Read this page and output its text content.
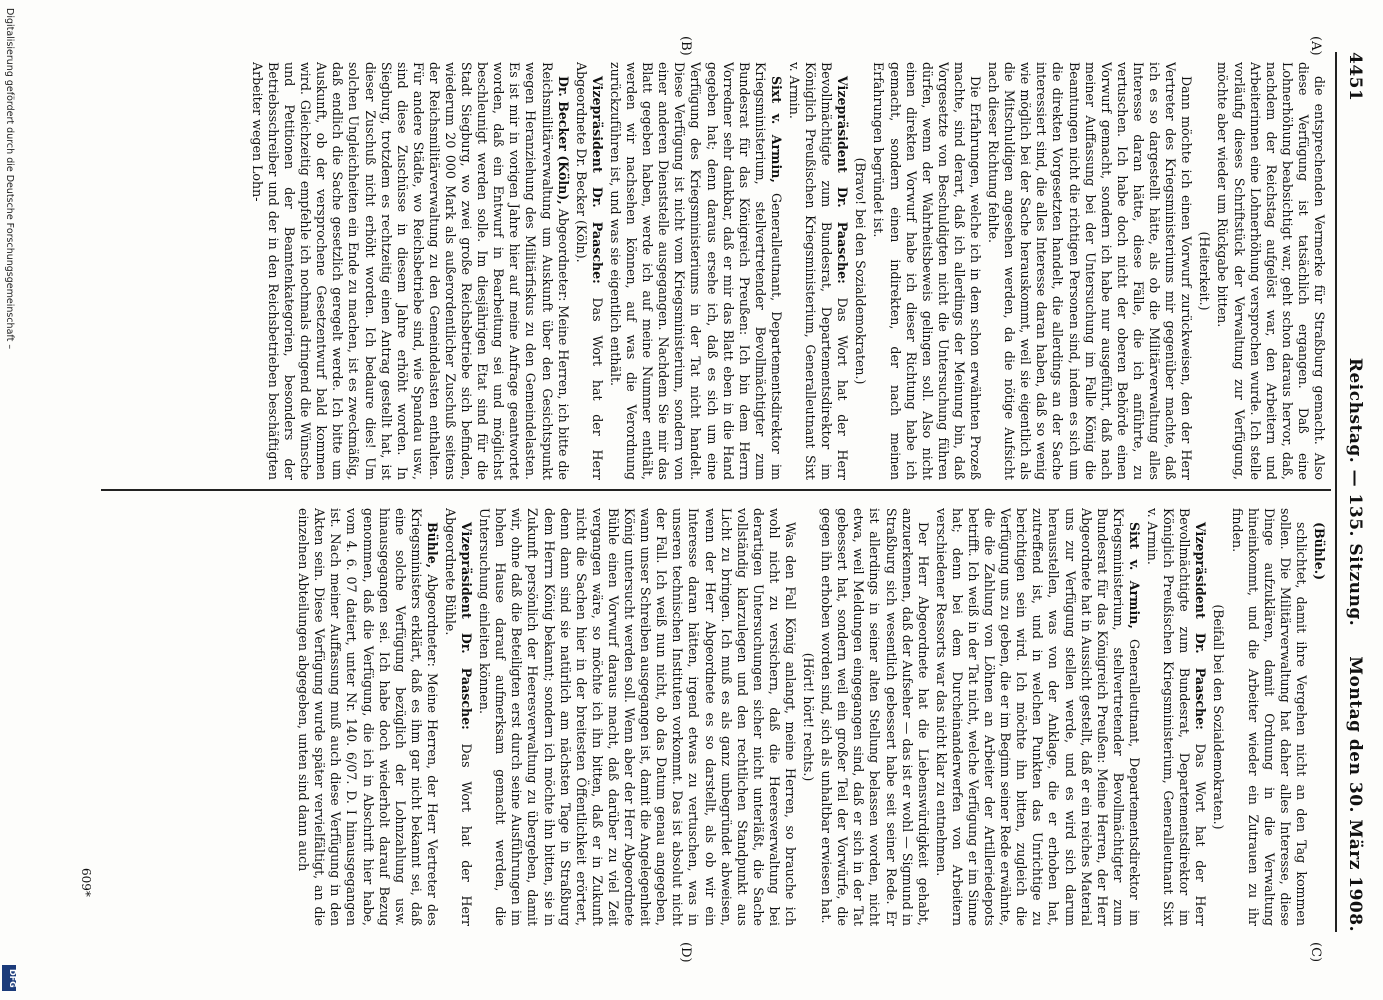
4451
Reichstag. — 135. Sitzung.
Montag den 30. März 1908.
(C)
(D)
(A)
(B)

die entsprechenden Vermerke für Straßburg gemacht. Also diese Verfügung ist tatsächlich ergangen. Daß eine Lohnerhöhung beabsichtigt war, geht schon daraus hervor, daß, nachdem der Reichstag aufgelöst war, den Arbeitern und Arbeiterinnen eine Lohnerhöhung versprochen wurde. Ich stelle vorläufig dieses Schriftstück der Verwaltung zur Verfügung, möchte aber wieder um Rückgabe bitten.

(Heiterkeit.)

Dann möchte ich einen Vorwurf zurückweisen, den der Herr Vertreter des Kriegsministeriums mir gegenüber machte, daß ich es so dargestellt hätte, als ob die Militärverwaltung alles Interesse daran hätte, diese Fälle, die ich anführte, zu vertuschen. Ich habe doch nicht der oberen Behörde einen Vorwurf gemacht, sondern ich habe nur ausgeführt, daß nach meiner Auffassung bei der Untersuchung im Falle König die Beamtungen nicht die richtigen Personen sind, indem es sich um die direkten Vorgesetzten handelt, die allerdings an der Sache interessiert sind, die alles Interesse daran haben, daß so wenig wie möglich bei der Sache herauskommt, weil sie eigentlich als die Mitschuldigen angesehen werden, da die nötige Aufsicht nach dieser Richtung fehlte.

Die Erfahrungen, welche ich in dem schon erwähnten Prozeß machte, sind derart, daß ich allerdings der Meinung bin, daß Vorgesetzte von Beschuldigten nicht die Untersuchung führen dürfen, wenn der Wahrheitsbeweis gelingen soll. Also nicht einen direkten Vorwurf habe ich dieser Richtung habe ich gemacht, sondern einen indirekten, der nach meinen Erfahrungen begründet ist.

(Bravo! bei den Sozialdemokraten.)

Vizepräsident Dr. Paasche: Das Wort hat der Herr Bevollmächtigte zum Bundesrat, Departementsdirektor im Königlich Preußischen Kriegsministerium, Generalleutnant Sixt v. Armin.

Sixt v. Armin, Generalleutnant, Departementsdirektor im Kriegsministerium, stellvertretender Bevollmächtigter zum Bundesrat für das Königreich Preußen: Ich bin dem Herrn Vorredner sehr dankbar, daß er mir das Blatt eben in die Hand gegeben hat; denn daraus ersehe ich, daß es sich um eine Verfügung des Kriegsministeriums in der Tat nicht handelt. Diese Verfügung ist nicht vom Kriegsministerium, sondern von einer anderen Dienststelle ausgegangen. Nachdem Sie mir das Blatt gegeben haben, werde ich auf meine Nummer enthält, werden wir nachsehen können, auf was die Verordnung zurückzuführen ist, und was sie eigentlich enthält.

Vizepräsident Dr. Paasche: Das Wort hat der Herr Abgeordnete Dr. Becker (Köln).

Dr. Becker (Köln), Abgeordneter: Meine Herren, ich bitte die Reichsmilitärverwaltung um Auskunft über den Gesichtspunkt wegen Heranziehung des Militärfiskus zu den Gemeindelasten. Es ist mir in vorigen Jahre hier auf meine Anfrage geantwortet worden, daß ein Entwurf in Bearbeitung sei und möglichst beschleunigt werden solle. Im diesjährigen Etat sind für die Stadt Siegburg, wo zwei große Reichsbetriebe sich befinden, wiederum 20 000 Mark als außerordentlicher Zuschuß seitens der Reichsmilitärverwaltung zu den Gemeindelasten enthalten. Für andere Städte, wo Reichsbetriebe sind, wie Spandau usw., sind diese Zuschüsse in diesem Jahre erhöht worden. In Siegburg, trotzdem es rechtzeitig einen Antrag gestellt hat, ist dieser Zuschuß nicht erhöht worden. Ich bedaure dies! Um solchen Ungleichheiten ein Ende zu machen, ist es zweckmäßig, daß endlich die Sache gesetzlich geregelt werde. Ich bitte um Auskunft, ob der versprochene Gesetzentwurf bald kommen wird. Gleichzeitig empfehle ich nochmals dringend die Wünsche und Petitionen der Beamtenkategorien, besonders der Betriebsschreiber und der in den Reichsbetrieben beschäftigten Arbeiter wegen Lohn-

(Bühle.)

schlichtet, damit ihre Vergehen nicht an den Tag kommen sollen. Die Militärverwaltung hat daher alles Interesse, diese Dinge aufzuklären, damit Ordnung in die Verwaltung hineinkommt, und die Arbeiter wieder ein Zutrauen zu ihr finden.

(Beifall bei den Sozialdemokraten.)

Vizepräsident Dr. Paasche: Das Wort hat der Herr Bevollmächtigte zum Bundesrat, Departementsdirektor im Königlich Preußischen Kriegsministerium, Generalleutnant Sixt v. Armin.

Sixt v. Armin, Generalleutnant, Departementsdirektor im Kriegsministerium, stellvertretender Bevollmächtigter zum Bundesrat für das Königreich Preußen: Meine Herren, der Herr Abgeordnete hat in Aussicht gestellt, daß er ein reiches Material uns zur Verfügung stellen werde, und es wird sich darum herausstellen, was von der Anklage, die er erhoben hat, zutreffend ist, und in welchen Punkten das Unrichtige zu berichtigen sein wird. Ich möchte ihn bitten, zugleich die Verfügung uns zu geben, die er im Beginn seiner Rede erwähnte, die die Zahlung von Löhnen an Arbeiter der Artilleriedepots betrifft. Ich weiß in der Tat nicht, welche Verfügung er im Sinne hat; denn bei dem Durcheinanderwerfen von Arbeitern verschiedener Ressorts war das nicht klar zu entnehmen.

Der Herr Abgeordnete hat die Liebenswürdigkeit gehabt, anzuerkennen, daß der Aufseher — das ist er wohl — Sigmund in Straßburg sich wesentlich gebessert habe seit seiner Rede. Er ist allerdings in seiner alten Stellung belassen worden, nicht etwa, weil Meldungen eingegangen sind, daß er sich in der Tat gebessert hat, sondern weil ein großer Teil der Vorwürfe, die gegen ihn erhoben worden sind, sich als unhaltbar erwiesen hat.

(Hört! hört! rechts.)

Was den Fall König anlangt, meine Herren, so brauche ich wohl nicht zu versichern, daß die Heeresverwaltung bei derartigen Untersuchungen sicher nicht unterläßt, die Sache vollständig klarzulegen und den rechtlichen Standpunkt aus Licht zu bringen. Ich muß es als ganz unbegründet abweisen, wenn der Herr Abgeordnete es so darstellt, als ob wir ein Interesse daran hätten, irgend etwas zu vertuschen, was in unseren technischen Instituten vorkommt. Das ist absolut nicht der Fall. Ich weiß nun nicht, ob das Datum genau angegeben, wann unser Schreiben ausgegangen ist, damit die Angelegenheit König untersucht werden soll. Wenn aber der Herr Abgeordnete Bühle einen Vorwurf daraus macht, daß darüber zu viel Zeit vergangen wäre, so möchte ich ihn bitten, daß er in Zukunft nicht die Sachen hier in der breitesten Öffentlichkeit erörtert, denn dann sind sie natürlich am nächsten Tage in Straßburg dem Herrn König bekannt; sondern ich möchte ihn bitten, sie in Zukunft persönlich der Heeresverwaltung zu übergeben, damit wir, ohne daß die Beteiligten erst durch seine Ausführungen im hohen Hause darauf aufmerksam gemacht werden, die Untersuchung einleiten können.

Vizepräsident Dr. Paasche: Das Wort hat der Herr Abgeordnete Bühle.

Bühle, Abgeordneter: Meine Herren, der Herr Vertreter des Kriegsministers erklärt, daß es ihm gar nicht bekannt sei, daß eine solche Verfügung bezüglich der Lohnzahlung usw. hinausgegangen sei. Ich habe doch wiederholt darauf Bezug genommen, daß die Verfügung, die ich in Abschrift hier habe, vom 4. 6. 07 datiert, unter Nr. 140. 6/07. D. I hinausgegangen ist. Nach meiner Auffassung muß auch diese Verfügung in den Akten sein. Diese Verfügung wurde später vervielfältigt, an die einzelnen Abteilungen abgegeben, unten sind dann auch

609*
Digitalisierung gefördert durch die Deutsche Forschungsgemeinschaft –
DFG
